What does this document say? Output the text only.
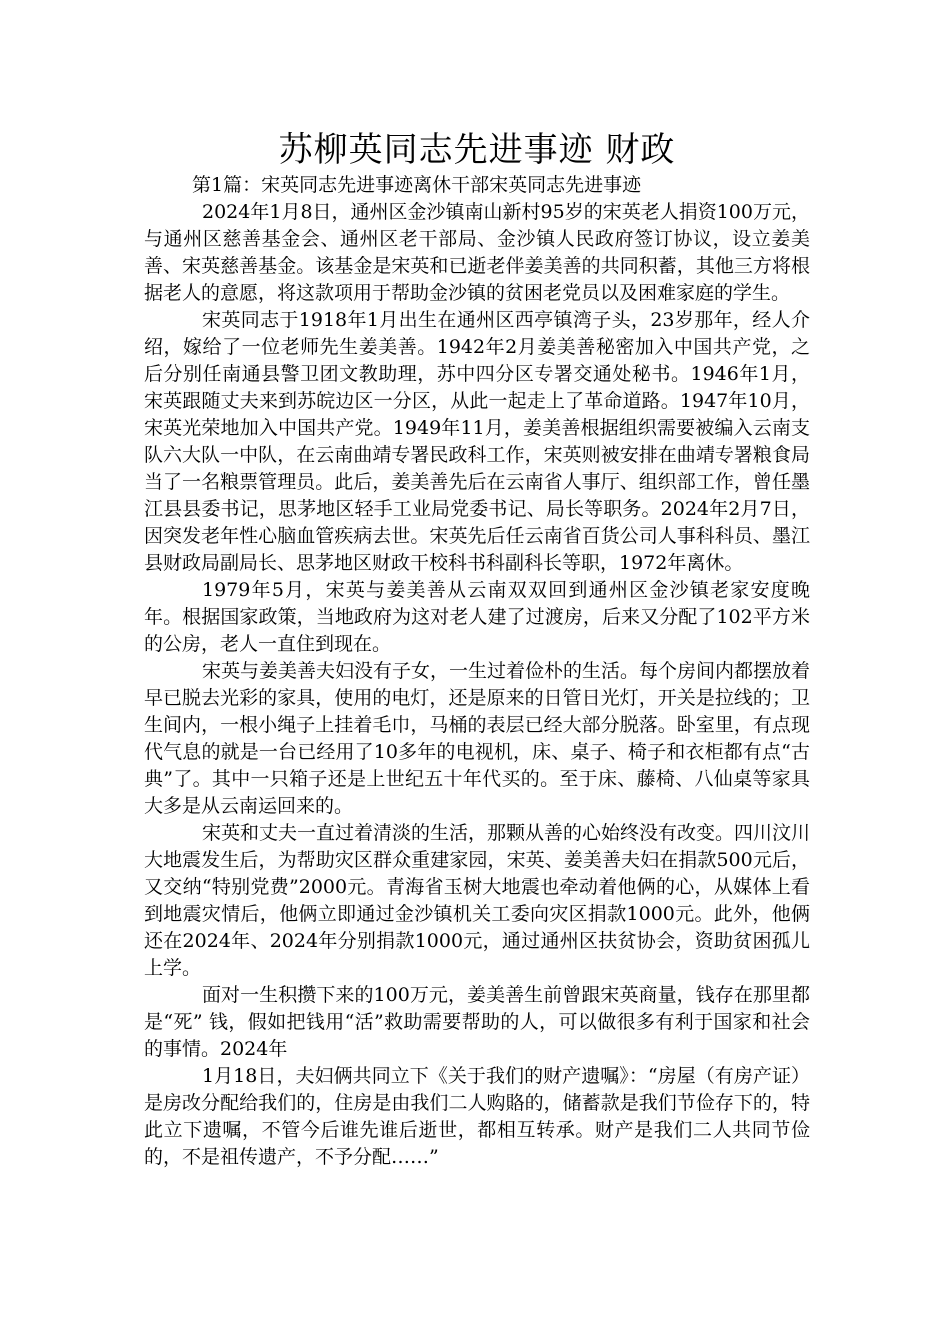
苏柳英同志先进事迹 财政

第1篇：宋英同志先进事迹离休干部宋英同志先进事迹

2024年1月8日，通州区金沙镇南山新村95岁的宋英老人捐资100万元，与通州区慈善基金会、通州区老干部局、金沙镇人民政府签订协议，设立姜美善、宋英慈善基金。该基金是宋英和已逝老伴姜美善的共同积蓄，其他三方将根据老人的意愿，将这款项用于帮助金沙镇的贫困老党员以及困难家庭的学生。

宋英同志于1918年1月出生在通州区西亭镇湾子头，23岁那年，经人介绍，嫁给了一位老师先生姜美善。1942年2月姜美善秘密加入中国共产党，之后分别任南通县警卫团文教助理，苏中四分区专署交通处秘书。1946年1月，宋英跟随丈夫来到苏皖边区一分区，从此一起走上了革命道路。1947年10月，宋英光荣地加入中国共产党。1949年11月，姜美善根据组织需要被编入云南支队六大队一中队，在云南曲靖专署民政科工作，宋英则被安排在曲靖专署粮食局当了一名粮票管理员。此后，姜美善先后在云南省人事厅、组织部工作，曾任墨江县县委书记，思茅地区轻手工业局党委书记、局长等职务。2024年2月7日，因突发老年性心脑血管疾病去世。宋英先后任云南省百货公司人事科科员、墨江县财政局副局长、思茅地区财政干校科书科副科长等职，1972年离休。

1979年5月，宋英与姜美善从云南双双回到通州区金沙镇老家安度晚年。根据国家政策，当地政府为这对老人建了过渡房，后来又分配了102平方米的公房，老人一直住到现在。

宋英与姜美善夫妇没有子女，一生过着俭朴的生活。每个房间内都摆放着早已脱去光彩的家具，使用的电灯，还是原来的日管日光灯，开关是拉线的；卫生间内，一根小绳子上挂着毛巾，马桶的表层已经大部分脱落。卧室里，有点现代气息的就是一台已经用了10多年的电视机，床、桌子、椅子和衣柜都有点“古典”了。其中一只箱子还是上世纪五十年代买的。至于床、藤椅、八仙桌等家具大多是从云南运回来的。

宋英和丈夫一直过着清淡的生活，那颗从善的心始终没有改变。四川汶川大地震发生后，为帮助灾区群众重建家园，宋英、姜美善夫妇在捐款500元后，又交纳“特别党费”2000元。青海省玉树大地震也牵动着他俩的心，从媒体上看到地震灾情后，他俩立即通过金沙镇机关工委向灾区捐款1000元。此外，他俩还在2024年、2024年分别捐款1000元，通过通州区扶贫协会，资助贫困孤儿上学。

面对一生积攒下来的100万元，姜美善生前曾跟宋英商量，钱存在那里都是“死” 钱，假如把钱用“活”救助需要帮助的人，可以做很多有利于国家和社会的事情。2024年

1月18日，夫妇俩共同立下《关于我们的财产遗嘱》：“房屋（有房产证）是房改分配给我们的，住房是由我们二人购賂的，储蓄款是我们节俭存下的，特此立下遗嘱，不管今后谁先谁后逝世，都相互转承。财产是我们二人共同节俭的，不是祖传遗产，不予分配……”
